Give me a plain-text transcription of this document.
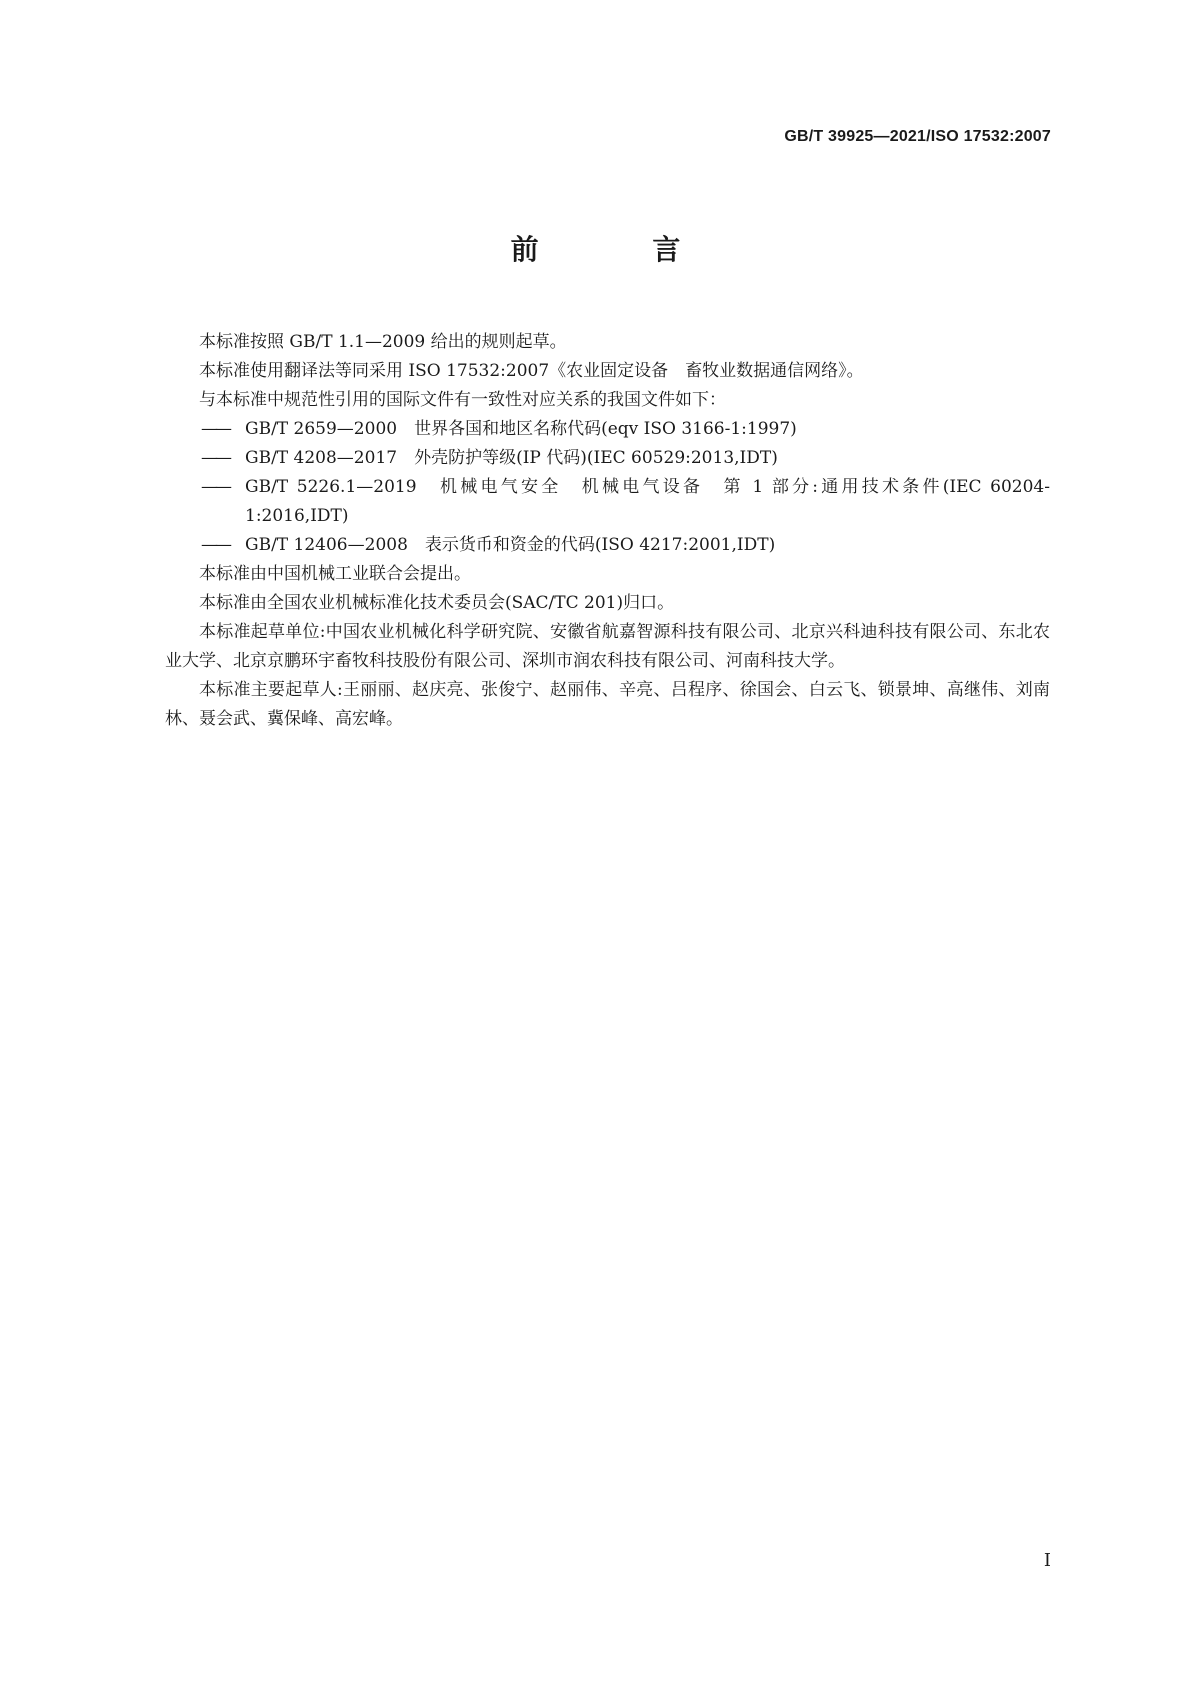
GB/T 39925—2021/ISO 17532:2007
前 言

本标准按照 GB/T 1.1—2009 给出的规则起草。

本标准使用翻译法等同采用 ISO 17532:2007《农业固定设备　畜牧业数据通信网络》。

与本标准中规范性引用的国际文件有一致性对应关系的我国文件如下：

—— GB/T 2659—2000　世界各国和地区名称代码(eqv ISO 3166-1:1997)

—— GB/T 4208—2017　外壳防护等级(IP 代码)(IEC 60529:2013,IDT)

—— GB/T 5226.1—2019　机械电气安全　机械电气设备　第 1 部分:通用技术条件(IEC 60204-1:2016,IDT)

—— GB/T 12406—2008　表示货币和资金的代码(ISO 4217:2001,IDT)

本标准由中国机械工业联合会提出。

本标准由全国农业机械标准化技术委员会(SAC/TC 201)归口。

本标准起草单位:中国农业机械化科学研究院、安徽省航嘉智源科技有限公司、北京兴科迪科技有限公司、东北农业大学、北京京鹏环宇畜牧科技股份有限公司、深圳市润农科技有限公司、河南科技大学。

本标准主要起草人:王丽丽、赵庆亮、张俊宁、赵丽伟、辛亮、吕程序、徐国会、白云飞、锁景坤、高继伟、刘南林、聂会武、冀保峰、高宏峰。

I
